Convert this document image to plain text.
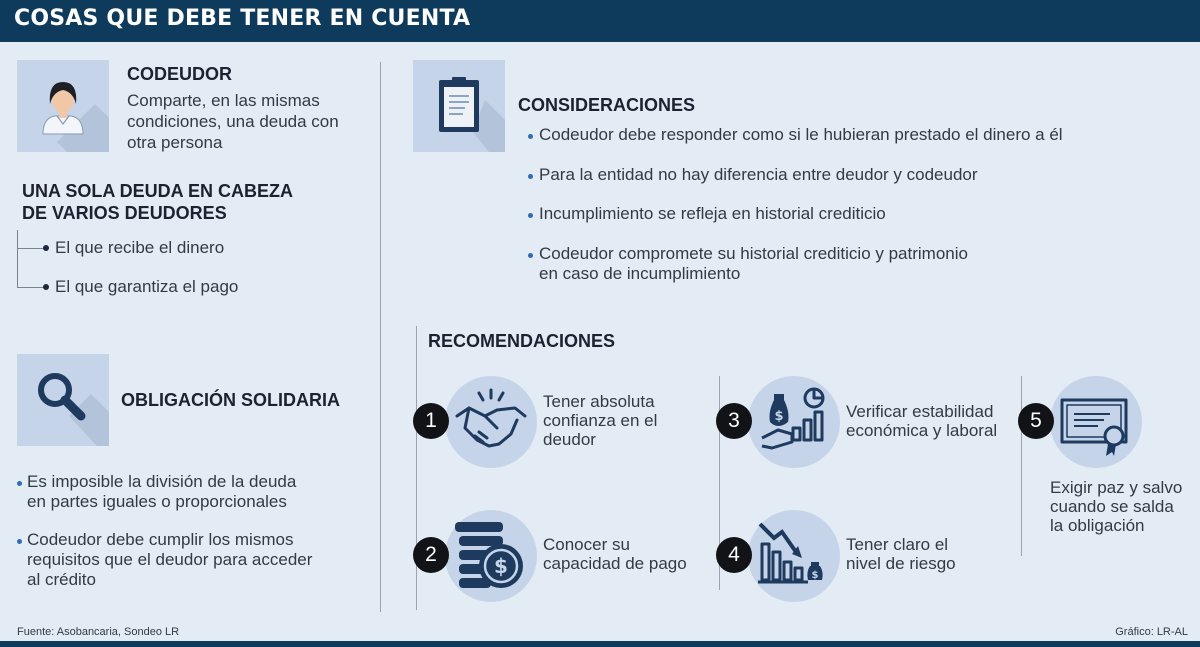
COSAS QUE DEBE TENER EN CUENTA
CODEUDOR
Comparte, en las mismas
condiciones, una deuda con
otra persona
UNA SOLA DEUDA EN CABEZA
DE VARIOS DEUDORES
El que recibe el dinero
El que garantiza el pago
OBLIGACIÓN SOLIDARIA
Es imposible la división de la deuda
en partes iguales o proporcionales
Codeudor debe cumplir los mismos
requisitos que el deudor para acceder
al crédito
CONSIDERACIONES
Codeudor debe responder como si le hubieran prestado el dinero a él
Para la entidad no hay diferencia entre deudor y codeudor
Incumplimiento se refleja en historial crediticio
Codeudor compromete su historial crediticio y patrimonio
en caso de incumplimiento
RECOMENDACIONES
1
Tener absoluta
confianza en el
deudor
$
2	Conocer su
capacidad de pago
$
3	Verificar estabilidad
económica y laboral
$
4	Tener claro el
nivel de riesgo
5
Exigir paz y salvo
cuando se salda
la obligación
Fuente: Asobancaria, Sondeo LR	Gráfico: LR-AL
